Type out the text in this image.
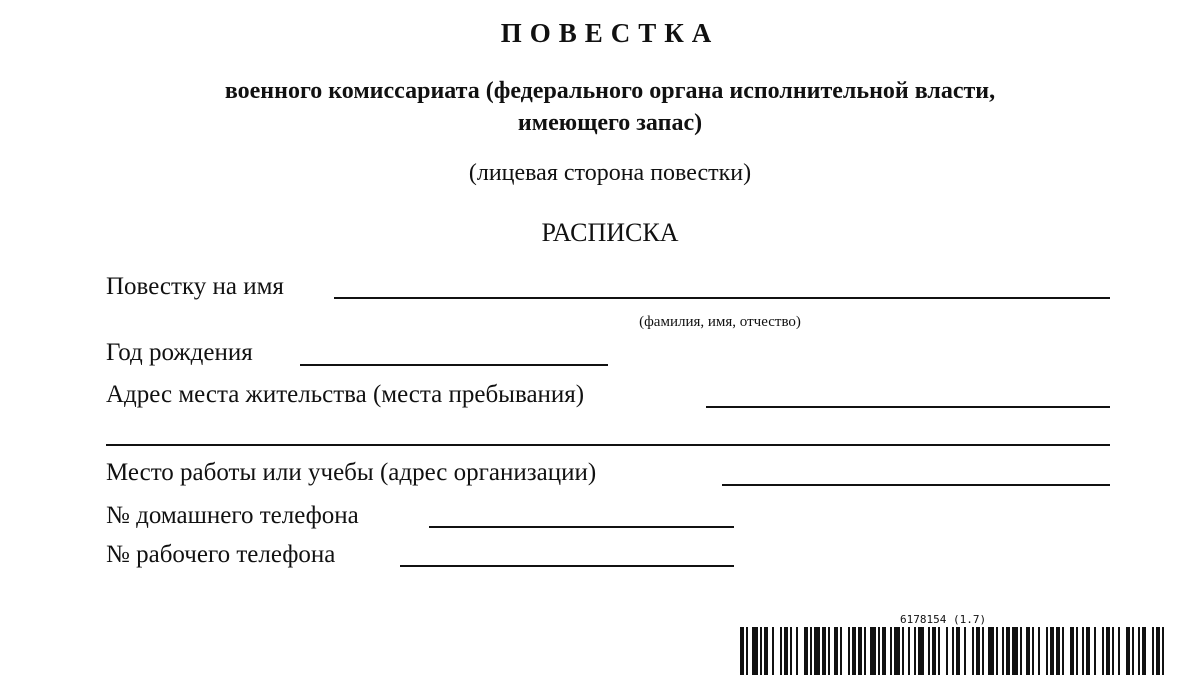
ПОВЕСТКА
военного комиссариата (федерального органа исполнительной власти,
имеющего запас)
(лицевая сторона повестки)
РАСПИСКА
Повестку на имя
(фамилия, имя, отчество)
Год рождения
Адрес места жительства (места пребывания)
Место работы или учебы (адрес организации)
№ домашнего телефона
№ рабочего телефона
6178154 (1.7)
